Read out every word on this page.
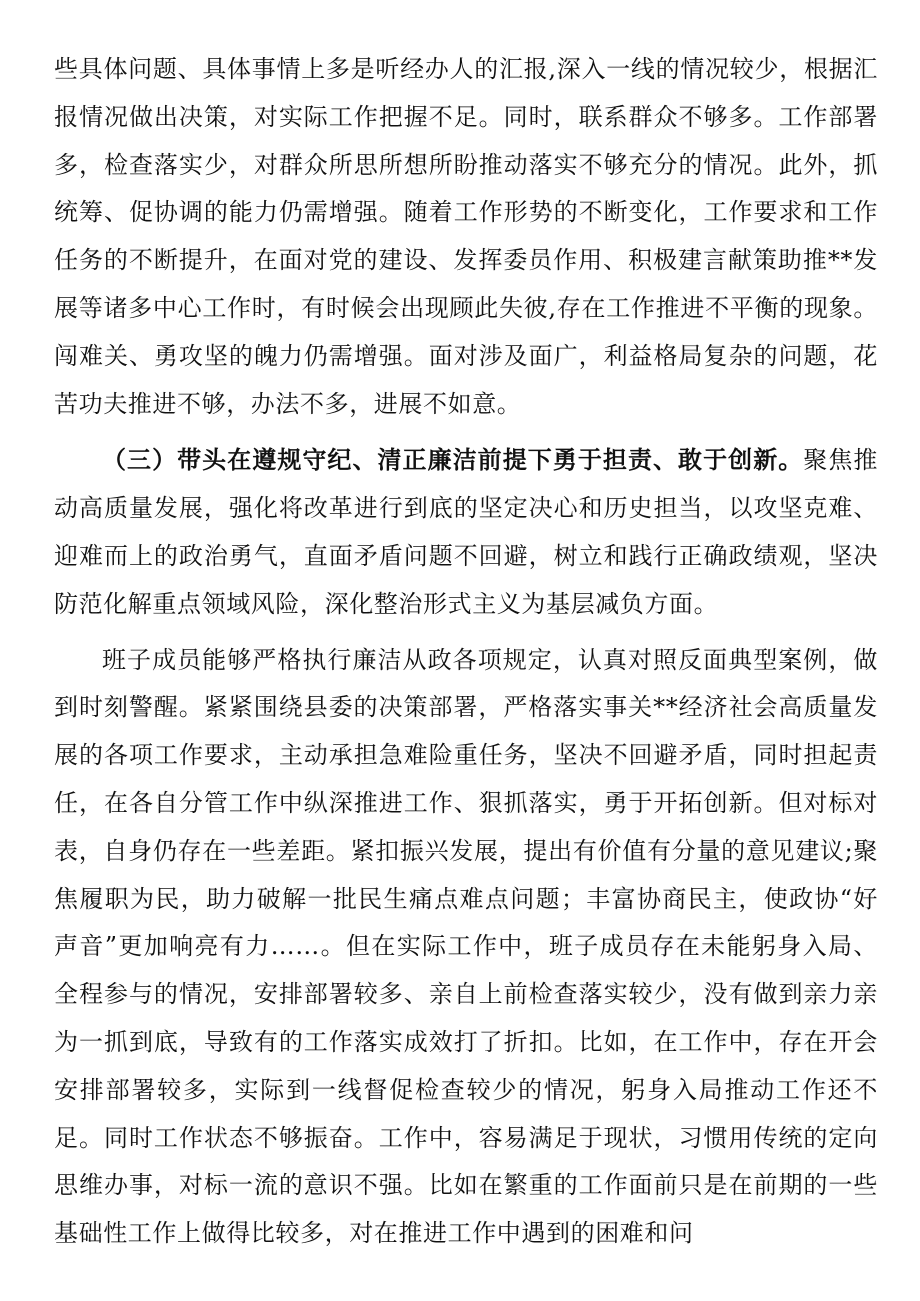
些具体问题、具体事情上多是听经办人的汇报,深入一线的情况较少，根据汇报情况做出决策，对实际工作把握不足。同时，联系群众不够多。工作部署多，检查落实少，对群众所思所想所盼推动落实不够充分的情况。此外，抓统筹、促协调的能力仍需增强。随着工作形势的不断变化，工作要求和工作任务的不断提升，在面对党的建设、发挥委员作用、积极建言献策助推**发展等诸多中心工作时，有时候会出现顾此失彼,存在工作推进不平衡的现象。闯难关、勇攻坚的魄力仍需增强。面对涉及面广，利益格局复杂的问题，花苦功夫推进不够，办法不多，进展不如意。

（三）带头在遵规守纪、清正廉洁前提下勇于担责、敢于创新。聚焦推动高质量发展，强化将改革进行到底的坚定决心和历史担当，以攻坚克难、迎难而上的政治勇气，直面矛盾问题不回避，树立和践行正确政绩观，坚决防范化解重点领域风险，深化整治形式主义为基层减负方面。

班子成员能够严格执行廉洁从政各项规定，认真对照反面典型案例，做到时刻警醒。紧紧围绕县委的决策部署，严格落实事关**经济社会高质量发展的各项工作要求，主动承担急难险重任务，坚决不回避矛盾，同时担起责任，在各自分管工作中纵深推进工作、狠抓落实，勇于开拓创新。但对标对表，自身仍存在一些差距。紧扣振兴发展，提出有价值有分量的意见建议;聚焦履职为民，助力破解一批民生痛点难点问题；丰富协商民主，使政协“好声音”更加响亮有力……。但在实际工作中，班子成员存在未能躬身入局、全程参与的情况，安排部署较多、亲自上前检查落实较少，没有做到亲力亲为一抓到底，导致有的工作落实成效打了折扣。比如，在工作中，存在开会安排部署较多，实际到一线督促检查较少的情况，躬身入局推动工作还不足。同时工作状态不够振奋。工作中，容易满足于现状，习惯用传统的定向思维办事，对标一流的意识不强。比如在繁重的工作面前只是在前期的一些基础性工作上做得比较多，对在推进工作中遇到的困难和问
